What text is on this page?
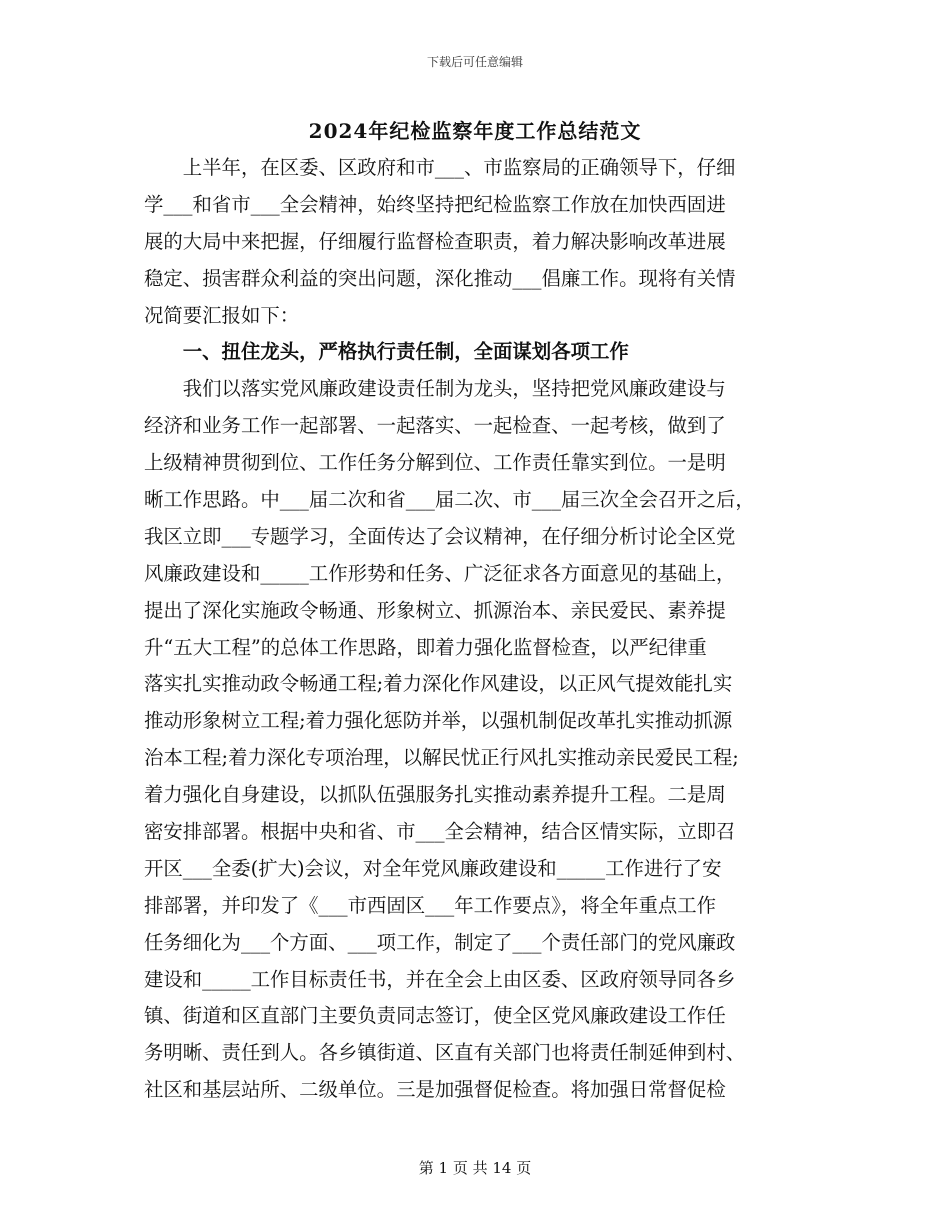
下载后可任意编辑
2024年纪检监察年度工作总结范文
　　上半年，在区委、区政府和市___、市监察局的正确领导下，仔细
学___和省市___全会精神，始终坚持把纪检监察工作放在加快西固进
展的大局中来把握，仔细履行监督检查职责，着力解决影响改革进展
稳定、损害群众利益的突出问题，深化推动___倡廉工作。现将有关情
况简要汇报如下：
　　一、扭住龙头，严格执行责任制，全面谋划各项工作
　　我们以落实党风廉政建设责任制为龙头，坚持把党风廉政建设与
经济和业务工作一起部署、一起落实、一起检查、一起考核，做到了
上级精神贯彻到位、工作任务分解到位、工作责任靠实到位。一是明
晰工作思路。中___届二次和省___届二次、市___届三次全会召开之后，
我区立即___专题学习，全面传达了会议精神，在仔细分析讨论全区党
风廉政建设和_____工作形势和任务、广泛征求各方面意见的基础上，
提出了深化实施政令畅通、形象树立、抓源治本、亲民爱民、素养提
升“五大工程”的总体工作思路，即着力强化监督检查，以严纪律重
落实扎实推动政令畅通工程;着力深化作风建设，以正风气提效能扎实
推动形象树立工程;着力强化惩防并举，以强机制促改革扎实推动抓源
治本工程;着力深化专项治理，以解民忧正行风扎实推动亲民爱民工程;
着力强化自身建设，以抓队伍强服务扎实推动素养提升工程。二是周
密安排部署。根据中央和省、市___全会精神，结合区情实际，立即召
开区___全委(扩大)会议，对全年党风廉政建设和_____工作进行了安
排部署，并印发了《___市西固区___年工作要点》，将全年重点工作
任务细化为___个方面、___项工作，制定了___个责任部门的党风廉政
建设和_____工作目标责任书，并在全会上由区委、区政府领导同各乡
镇、街道和区直部门主要负责同志签订，使全区党风廉政建设工作任
务明晰、责任到人。各乡镇街道、区直有关部门也将责任制延伸到村、
社区和基层站所、二级单位。三是加强督促检查。将加强日常督促检
第 1 页 共 14 页
